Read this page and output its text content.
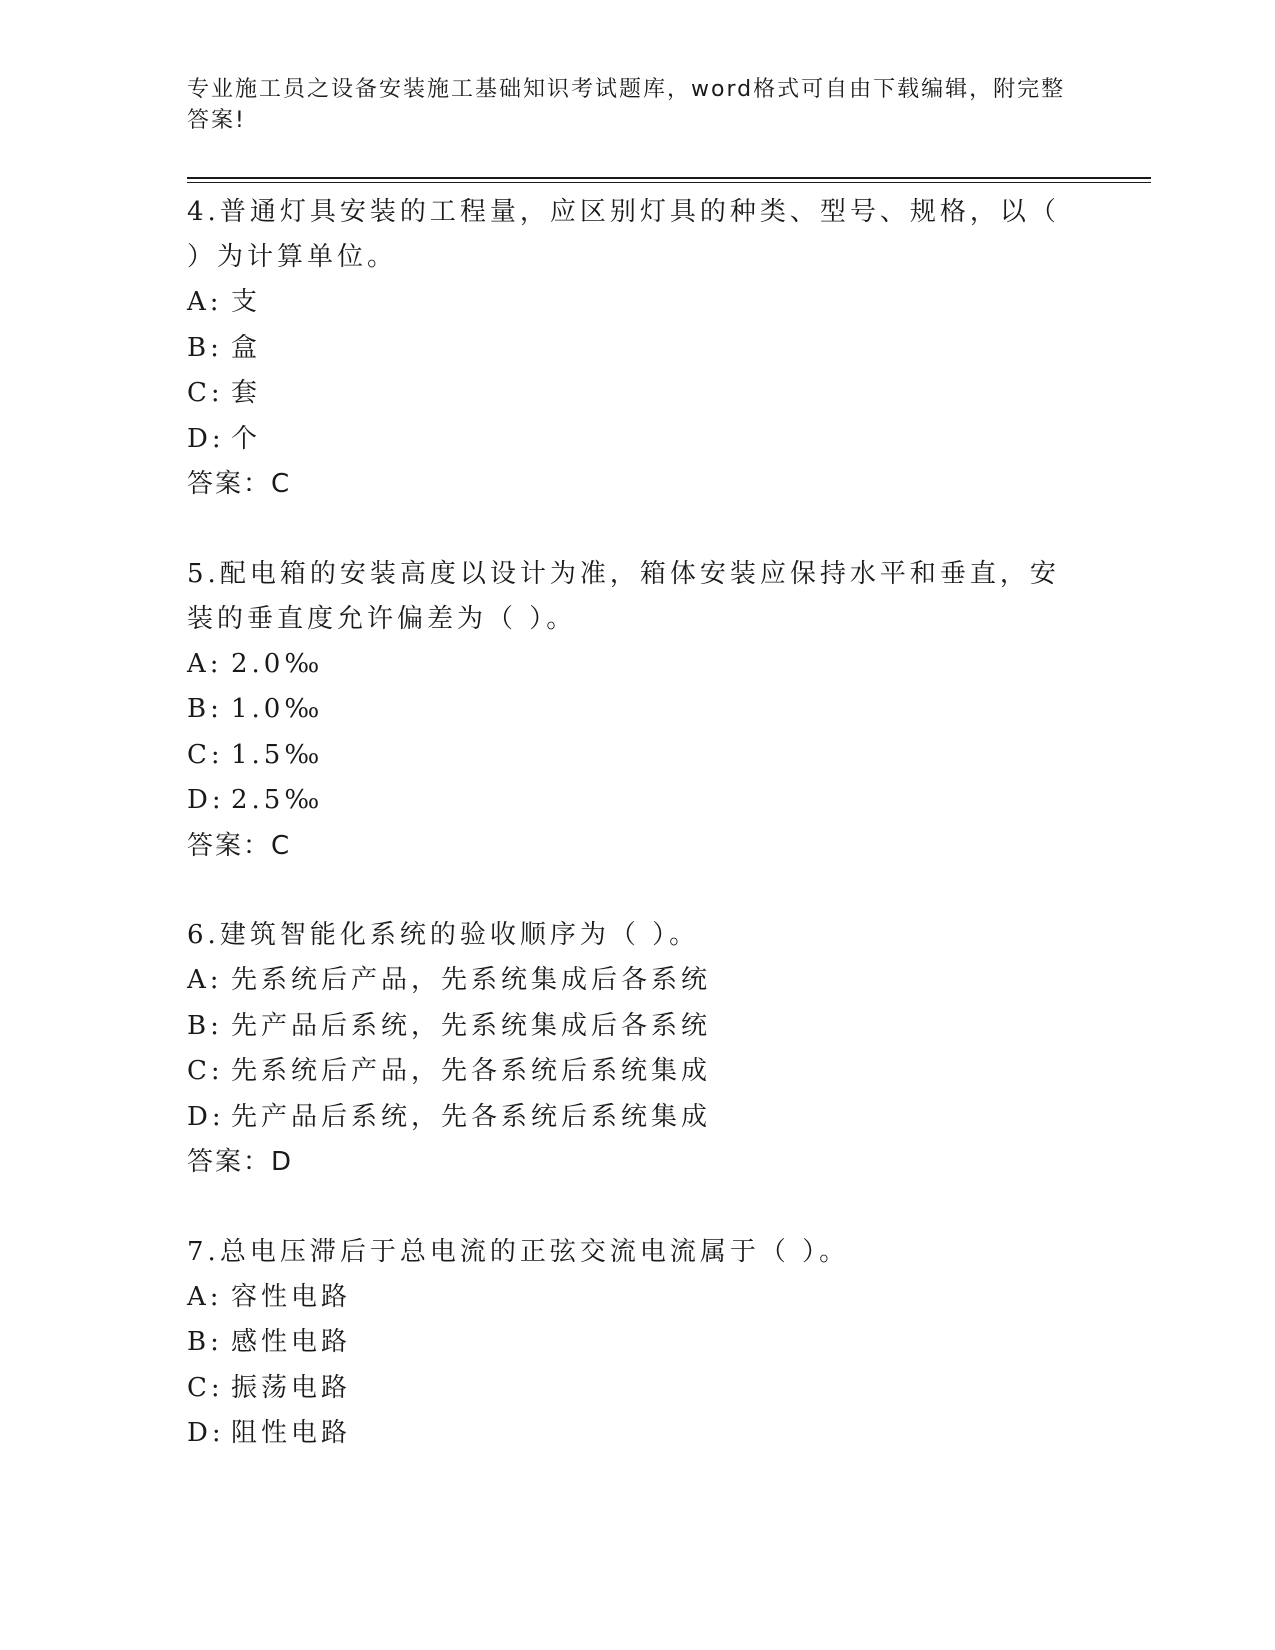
专业施工员之设备安装施工基础知识考试题库，word格式可自由下载编辑，附完整答案!
4.普通灯具安装的工程量，应区别灯具的种类、型号、规格，以（ ）为计算单位。
A: 支
B: 盒
C: 套
D: 个
答案：C
5.配电箱的安装高度以设计为准，箱体安装应保持水平和垂直，安装的垂直度允许偏差为（ ）。
A: 2.0‰
B: 1.0‰
C: 1.5‰
D: 2.5‰
答案：C
6.建筑智能化系统的验收顺序为（ ）。
A: 先系统后产品，先系统集成后各系统
B: 先产品后系统，先系统集成后各系统
C: 先系统后产品，先各系统后系统集成
D: 先产品后系统，先各系统后系统集成
答案：D
7.总电压滞后于总电流的正弦交流电流属于（ ）。
A: 容性电路
B: 感性电路
C: 振荡电路
D: 阻性电路
